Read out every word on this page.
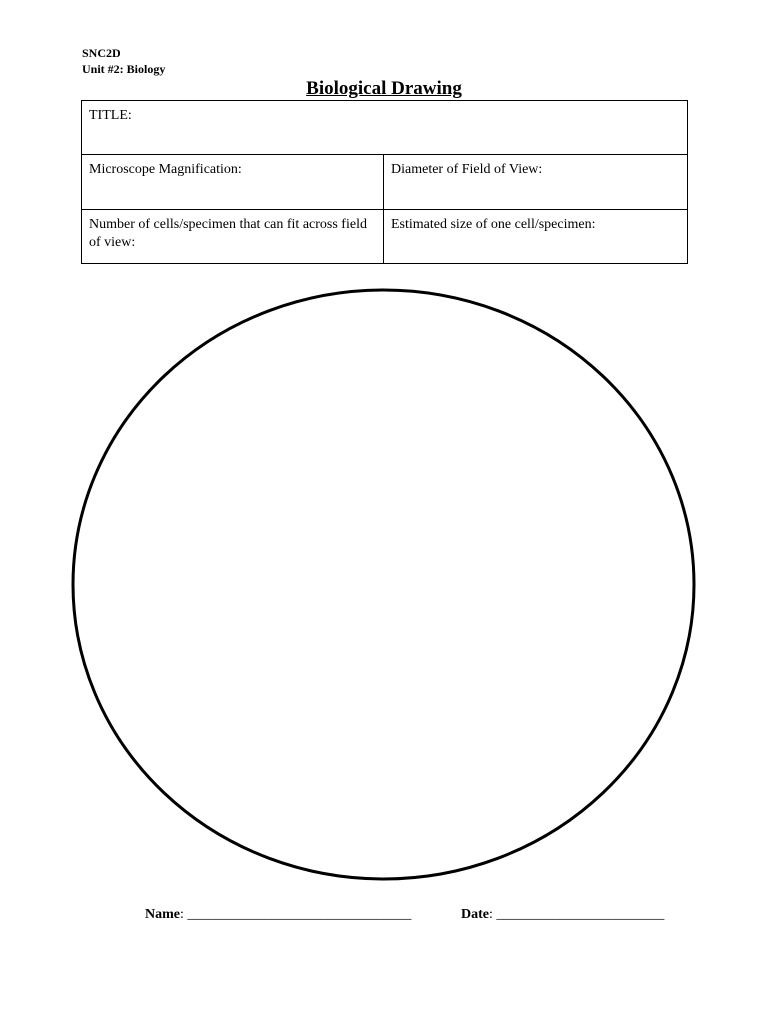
SNC2D
Unit #2: Biology
Biological Drawing
TITLE:	
Microscope Magnification:	Diameter of Field of View:
Number of cells/specimen that can fit across field of view:	Estimated size of one cell/specimen:
Name: ________________________________	Date: ________________________
